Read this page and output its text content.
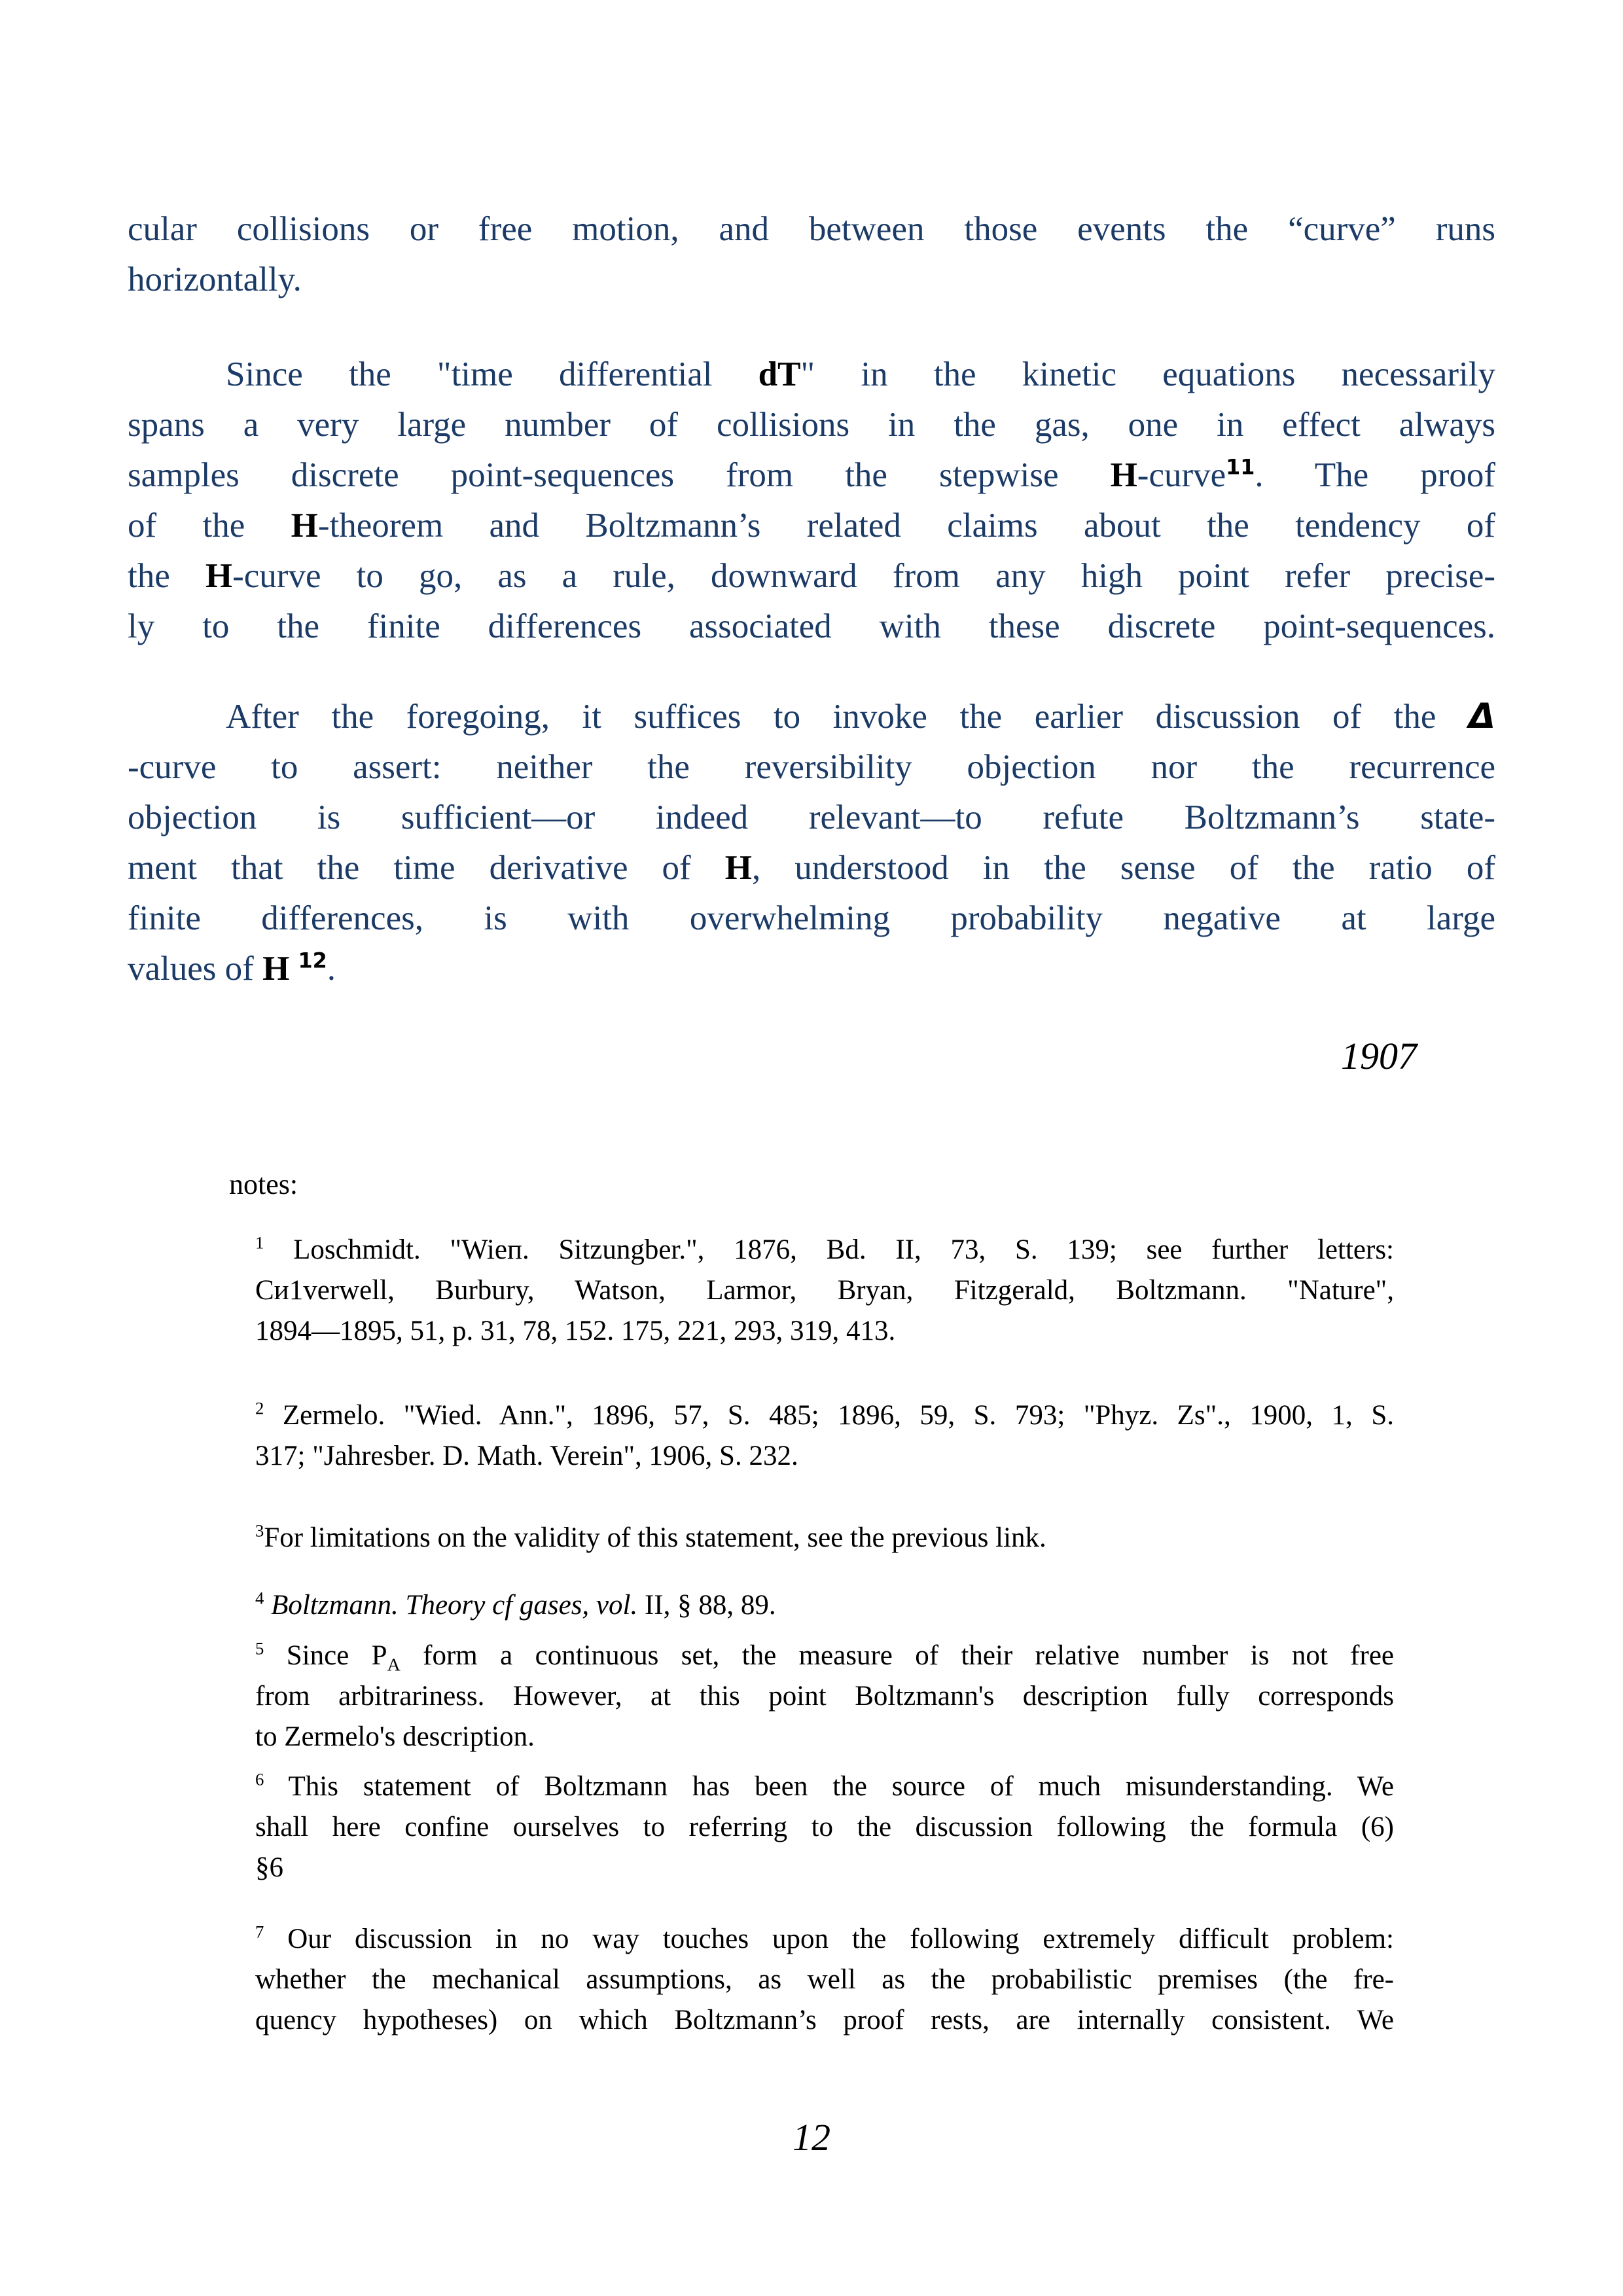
cular collisions or free motion, and between those events the “curve” runs
horizontally.
Since the "time differential dT" in the kinetic equations necessarily
spans a very large number of collisions in the gas, one in effect always
samples discrete point-sequences from the stepwise H-curve$^{11}$. The proof
of the H-theorem and Boltzmann’s related claims about the tendency of
the H-curve to go, as a rule, downward from any high point refer precise-
ly to the finite differences associated with these discrete point-sequences.
After the foregoing, it suffices to invoke the earlier discussion of the Δ
-curve to assert: neither the reversibility objection nor the recurrence
objection is sufficient—or indeed relevant—to refute Boltzmann’s state-
ment that the time derivative of H, understood in the sense of the ratio of
finite differences, is with overwhelming probability negative at large
values of H $^{12}$.
1907
notes:
$^1$ Loschmidt. "Wieп. Sitzungber.", 1876, Bd. II, 73, S. 139; see further letters:
Си1verwell, Burbury, Watson, Larmor, Bryan, Fitzgerald, Boltzmann. "Nature",
1894—1895, 51, p. 31, 78, 152. 175, 221, 293, 319, 413.
$^2$ Zermelo. "Wied. Ann.", 1896, 57, S. 485; 1896, 59, S. 793; "Phyz. Zs"., 1900, 1, S.
317; "Jahresber. D. Math. Verein", 1906, S. 232.
$^3$For limitations on the validity of this statement, see the previous link.
$^4$ Boltzmann. Theory cf gases, vol. II, § 88, 89.
$^5$ Since $P_A$ form a continuous set, the measure of their relative number is not free
from arbitrariness. However, at this point Boltzmann's description fully corresponds
to Zermelo's description.
$^6$ This statement of Boltzmann has been the source of much misunderstanding. We
shall here confine ourselves to referring to the discussion following the formula (6)
§6
$^7$ Our discussion in no way touches upon the following extremely difficult problem:
whether the mechanical assumptions, as well as the probabilistic premises (the fre-
quency hypotheses) on which Boltzmann’s proof rests, are internally consistent. We
12
